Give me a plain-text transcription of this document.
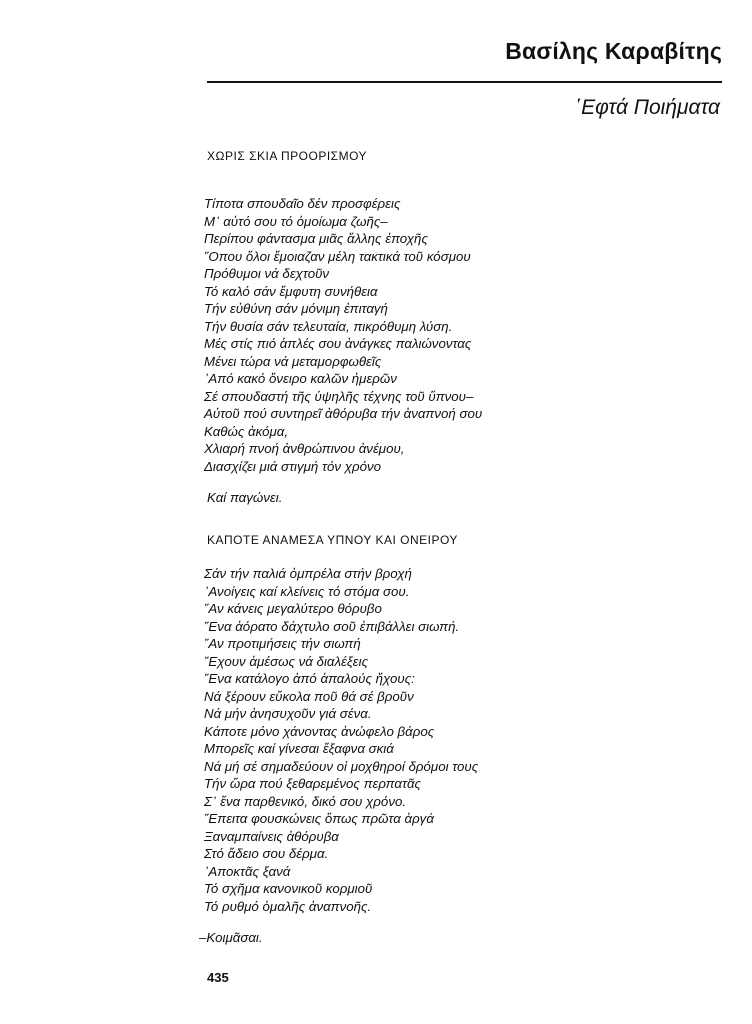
Βασίλης Καραβίτης
῾Εφτά Ποιήματα
ΧΩΡΙΣ ΣΚΙΑ ΠΡΟΟΡΙΣΜΟΥ
Τίποτα σπουδαῖο δέν προσφέρεις
Μ᾽ αὐτό σου τό ὁμοίωμα ζωῆς–
Περίπου φάντασμα μιᾶς ἄλλης ἐποχῆς
῞Οπου ὅλοι ἔμοιαζαν μέλη τακτικά τοῦ κόσμου
Πρόθυμοι νά δεχτοῦν
Τό καλό σάν ἔμφυτη συνήθεια
Τήν εὐθύνη σάν μόνιμη ἐπιταγή
Τήν θυσία σάν τελευταία, πικρόθυμη λύση.
Μές στίς πιό ἁπλές σου ἀνάγκες παλιώνοντας
Μένει τώρα νά μεταμορφωθεῖς
᾽Από κακό ὄνειρο καλῶν ἡμερῶν
Σέ σπουδαστή τῆς ὑψηλῆς τέχνης τοῦ ὕπνου–
Αὐτοῦ πού συντηρεῖ ἀθόρυβα τήν ἀναπνοή σου
Καθώς ἀκόμα,
Χλιαρή πνοή ἀνθρώπινου ἀνέμου,
Διασχίζει μιά στιγμή τόν χρόνο
Καί παγώνει.
ΚΑΠΟΤΕ ΑΝΑΜΕΣΑ ΥΠΝΟΥ ΚΑΙ ΟΝΕΙΡΟΥ
Σάν τήν παλιά ὀμπρέλα στήν βροχή
᾽Ανοίγεις καί κλείνεις τό στόμα σου.
῎Αν κάνεις μεγαλύτερο θόρυβο
῞Ενα ἀόρατο δάχτυλο σοῦ ἐπιβάλλει σιωπή.
῎Αν προτιμήσεις τήν σιωπή
῎Εχουν ἀμέσως νά διαλέξεις
῞Ενα κατάλογο ἀπό ἁπαλούς ἤχους:
Νά ξέρουν εὔκολα ποῦ θά σέ βροῦν
Νά μήν ἀνησυχοῦν γιά σένα.
Κάποτε μόνο χάνοντας ἀνώφελο βάρος
Μπορεῖς καί γίνεσαι ἔξαφνα σκιά
Νά μή σέ σημαδεύουν οἱ μοχθηροί δρόμοι τους
Τήν ὥρα πού ξεθαρεμένος περπατᾶς
Σ᾽ ἕνα παρθενικό, δικό σου χρόνο.
῎Επειτα φουσκώνεις ὅπως πρῶτα ἀργά
Ξαναμπαίνεις ἀθόρυβα
Στό ἄδειο σου δέρμα.
᾽Αποκτᾶς ξανά
Τό σχῆμα κανονικοῦ κορμιοῦ
Τό ρυθμό ὁμαλῆς ἀναπνοῆς.
–Κοιμᾶσαι.
435
